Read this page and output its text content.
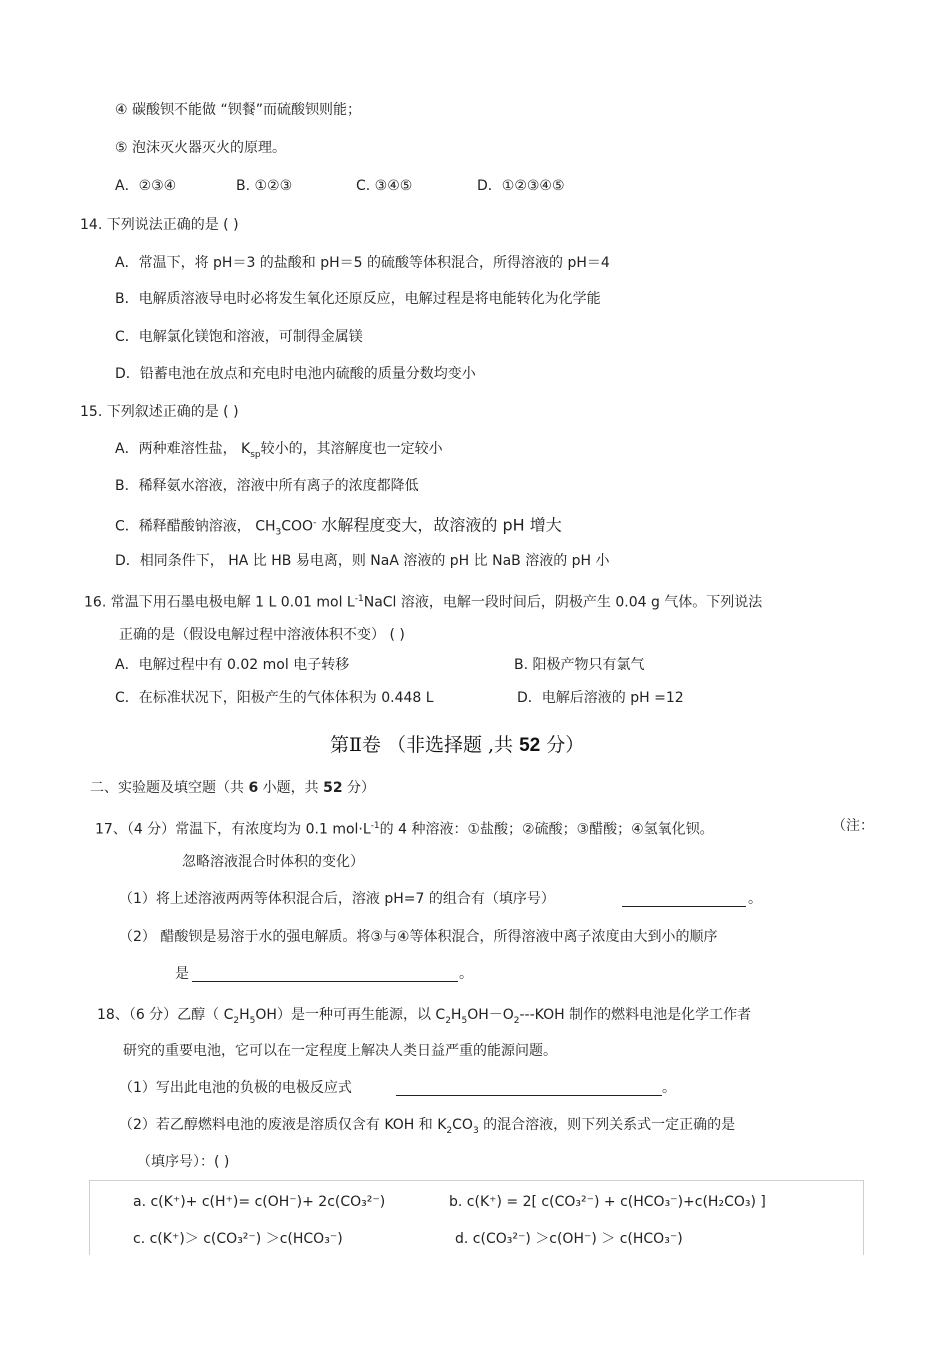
④ 碳酸钡不能做 “钡餐”而硫酸钡则能；
⑤ 泡沫灭火器灭火的原理。
A．②③④	B. ①②③	C. ③④⑤	D．①②③④⑤
14. 下列说法正确的是 ( )
A．常温下，将 pH＝3 的盐酸和 pH＝5 的硫酸等体积混合，所得溶液的 pH＝4
B．电解质溶液导电时必将发生氧化还原反应，电解过程是将电能转化为化学能
C．电解氯化镁饱和溶液，可制得金属镁
D．铅蓄电池在放点和充电时电池内硫酸的质量分数均变小
15. 下列叙述正确的是 ( )
A．两种难溶性盐， $K_{sp}$较小的，其溶解度也一定较小
B．稀释氨水溶液，溶液中所有离子的浓度都降低
C．稀释醋酸钠溶液， $CH_3COO^-$ 水解程度变大，故溶液的 pH 增大
D．相同条件下， HA 比 HB 易电离，则 NaA 溶液的 pH 比 NaB 溶液的 pH 小
16. 常温下用石墨电极电解 1 L 0.01 mol $L^{-1}NaCl$ 溶液，电解一段时间后，阴极产生 0.04 g 气体。下列说法
正确的是（假设电解过程中溶液体积不变） ( )
A．电解过程中有 0.02 mol 电子转移	B. 阳极产物只有氯气
C．在标准状况下，阳极产生的气体体积为 0.448 L	D．电解后溶液的 pH =12
第Ⅱ卷 （非选择题 ,共 52 分）
二、实验题及填空题（共 6 小题，共 52 分）
17、（4 分）常温下，有浓度均为 0.1 $mol\cdot L^{-1}$的 4 种溶液：①盐酸；②硫酸；③醋酸；④氢氧化钡。	（注：
忽略溶液混合时体积的变化）
（1）将上述溶液两两等体积混合后，溶液 pH=7 的组合有（填序号）	。
（2） 醋酸钡是易溶于水的强电解质。将③与④等体积混合，所得溶液中离子浓度由大到小的顺序
是	。
18、（6 分）乙醇（ $C_2H_5OH$）是一种可再生能源，以 $C_2H_5OH-O_2--$-KOH 制作的燃料电池是化学工作者
研究的重要电池，它可以在一定程度上解决人类日益严重的能源问题。
（1）写出此电池的负极的电极反应式	。
（2）若乙醇燃料电池的废液是溶质仅含有 KOH 和 $K_2CO_3$ 的混合溶液，则下列关系式一定正确的是
（填序号）：( )
a. c(K⁺)+ c(H⁺)= c(OH⁻)+ 2c(CO₃²⁻)	b. c(K⁺) = 2[ c(CO₃²⁻) + c(HCO₃⁻)+c(H₂CO₃) ]
c. c(K⁺)＞ c(CO₃²⁻) ＞c(HCO₃⁻)	d. c(CO₃²⁻) ＞c(OH⁻) ＞ c(HCO₃⁻)
